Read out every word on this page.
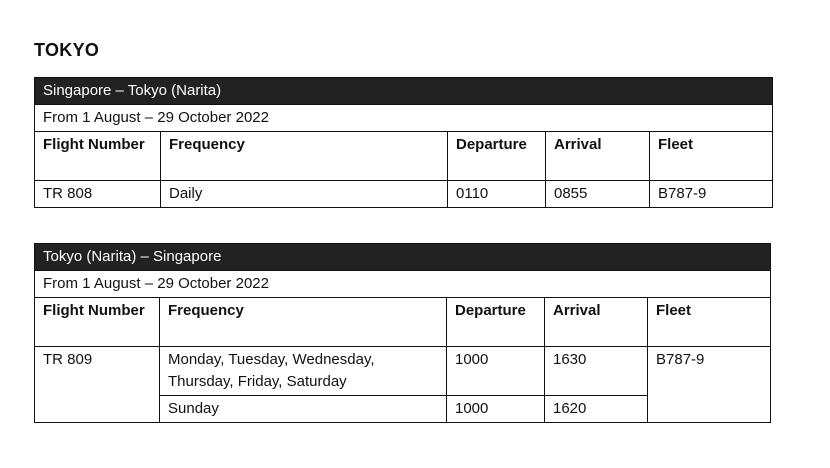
TOKYO
Singapore – Tokyo (Narita)				
From 1 August – 29 October 2022				
Flight Number	Frequency	Departure	Arrival	Fleet
TR 808	Daily	0110	0855	B787-9
Tokyo (Narita) – Singapore				
From 1 August – 29 October 2022				
Flight Number	Frequency	Departure	Arrival	Fleet
TR 809	Monday, Tuesday, Wednesday, Thursday, Friday, Saturday	1000	1630	B787-9
	Sunday	1000	1620	
